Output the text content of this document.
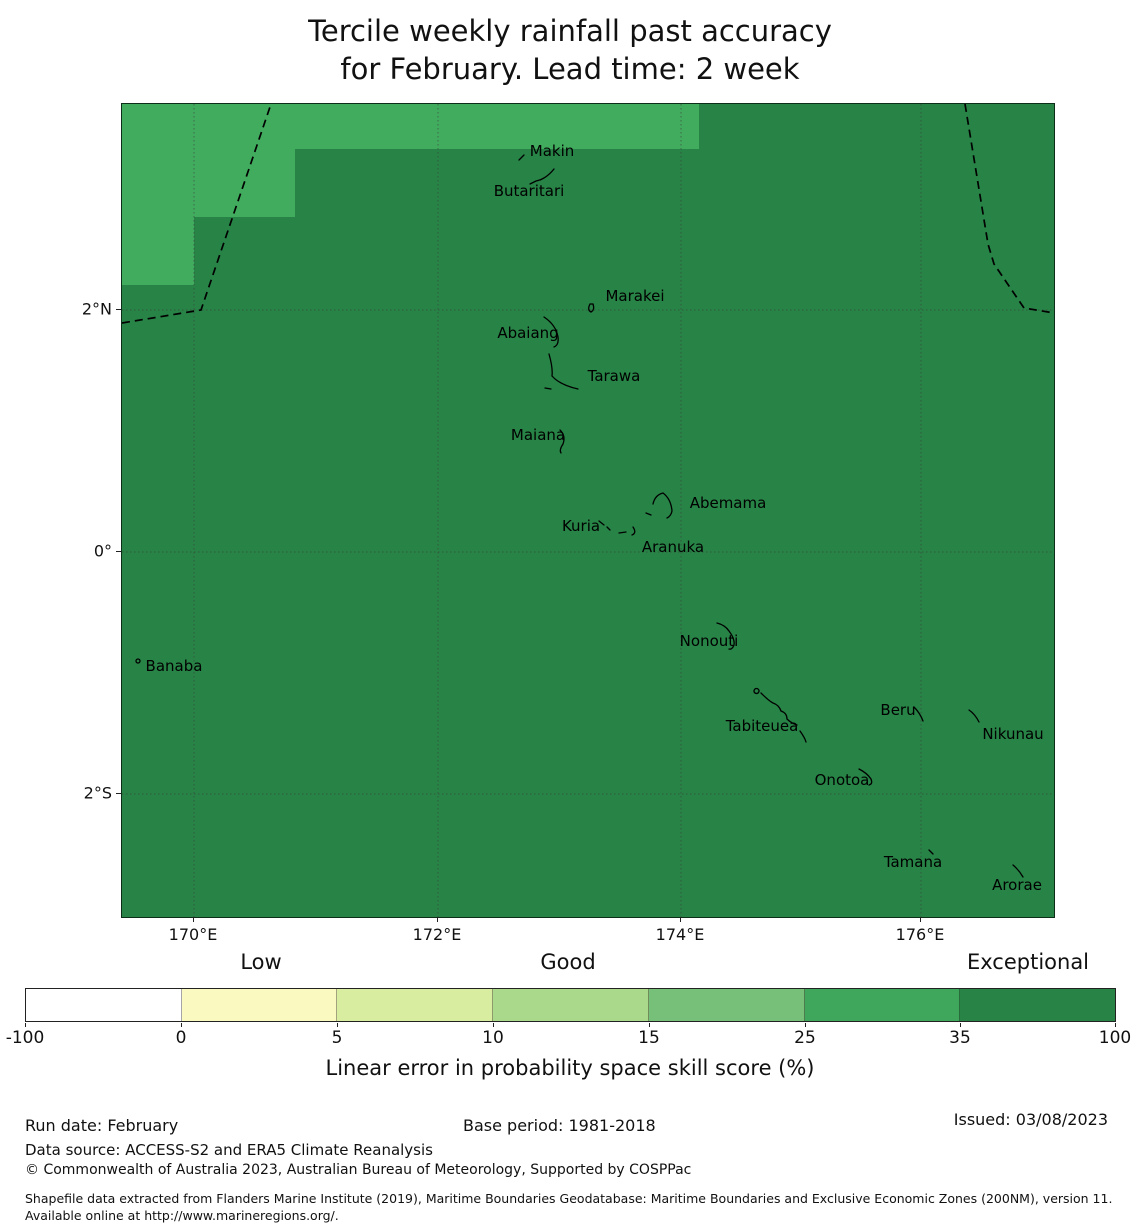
Tercile weekly rainfall past accuracy
for February. Lead time: 2 week
Makin
Butaritari
Marakei
Abaiang
Tarawa
Maiana
Abemama
Kuria
Aranuka
Nonouti
Banaba
Tabiteuea
Beru
Nikunau
Onotoa
Tamana
Arorae
2°N
0°
2°S
170°E	172°E	174°E	176°E
Low	Good	Exceptional
-100	0	5	10	15	25	35	100
Linear error in probability space skill score (%)
Run date: February	Base period: 1981-2018	Issued: 03/08/2023
Data source: ACCESS-S2 and ERA5 Climate Reanalysis
© Commonwealth of Australia 2023, Australian Bureau of Meteorology, Supported by COSPPac
Shapefile data extracted from Flanders Marine Institute (2019), Maritime Boundaries Geodatabase: Maritime Boundaries and Exclusive Economic Zones (200NM), version 11. Available online at http://www.marineregions.org/.
